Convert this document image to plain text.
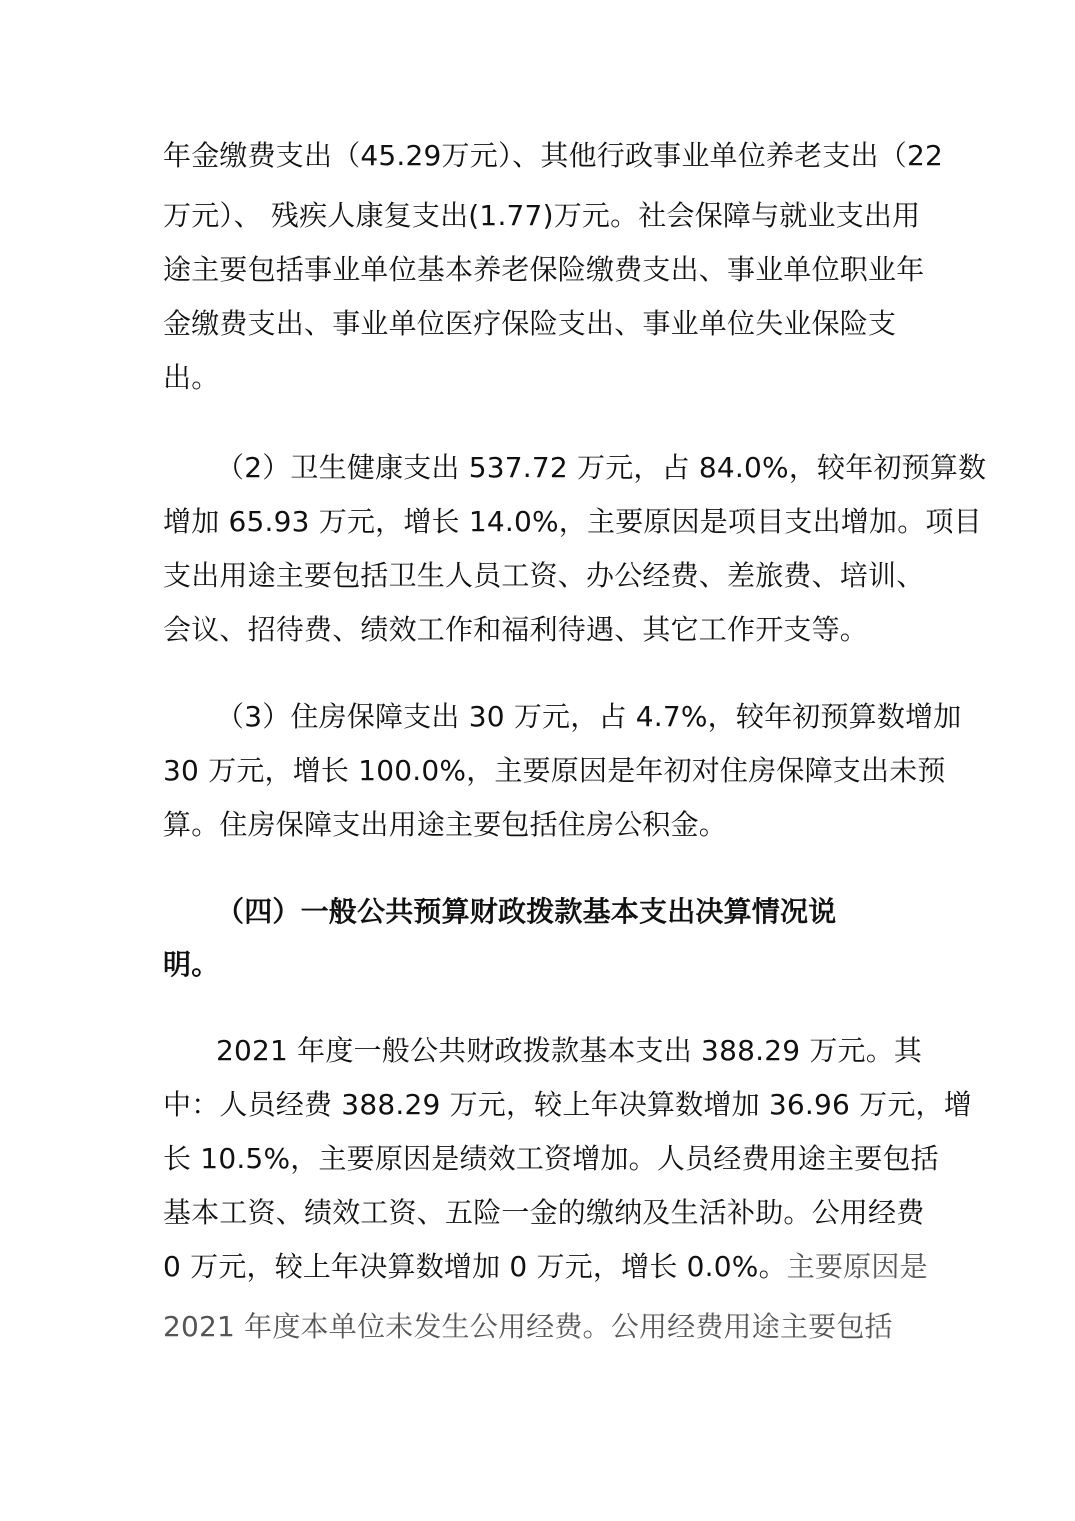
年金缴费支出（45.29万元）、其他行政事业单位养老支出（22
万元）、 残疾人康复支出(1.77)万元。社会保障与就业支出用
途主要包括事业单位基本养老保险缴费支出、事业单位职业年
金缴费支出、事业单位医疗保险支出、事业单位失业保险支
出。
（2）卫生健康支出 537.72 万元，占 84.0%，较年初预算数
增加 65.93 万元，增长 14.0%，主要原因是项目支出增加。项目
支出用途主要包括卫生人员工资、办公经费、差旅费、培训、
会议、招待费、绩效工作和福利待遇、其它工作开支等。
（3）住房保障支出 30 万元，占 4.7%，较年初预算数增加
30 万元，增长 100.0%，主要原因是年初对住房保障支出未预
算。住房保障支出用途主要包括住房公积金。
（四）一般公共预算财政拨款基本支出决算情况说
明。
2021 年度一般公共财政拨款基本支出 388.29 万元。其
中：人员经费 388.29 万元，较上年决算数增加 36.96 万元，增
长 10.5%，主要原因是绩效工资增加。人员经费用途主要包括
基本工资、绩效工资、五险一金的缴纳及生活补助。公用经费
0 万元，较上年决算数增加 0 万元，增长 0.0%。主要原因是
2021 年度本单位未发生公用经费。公用经费用途主要包括
